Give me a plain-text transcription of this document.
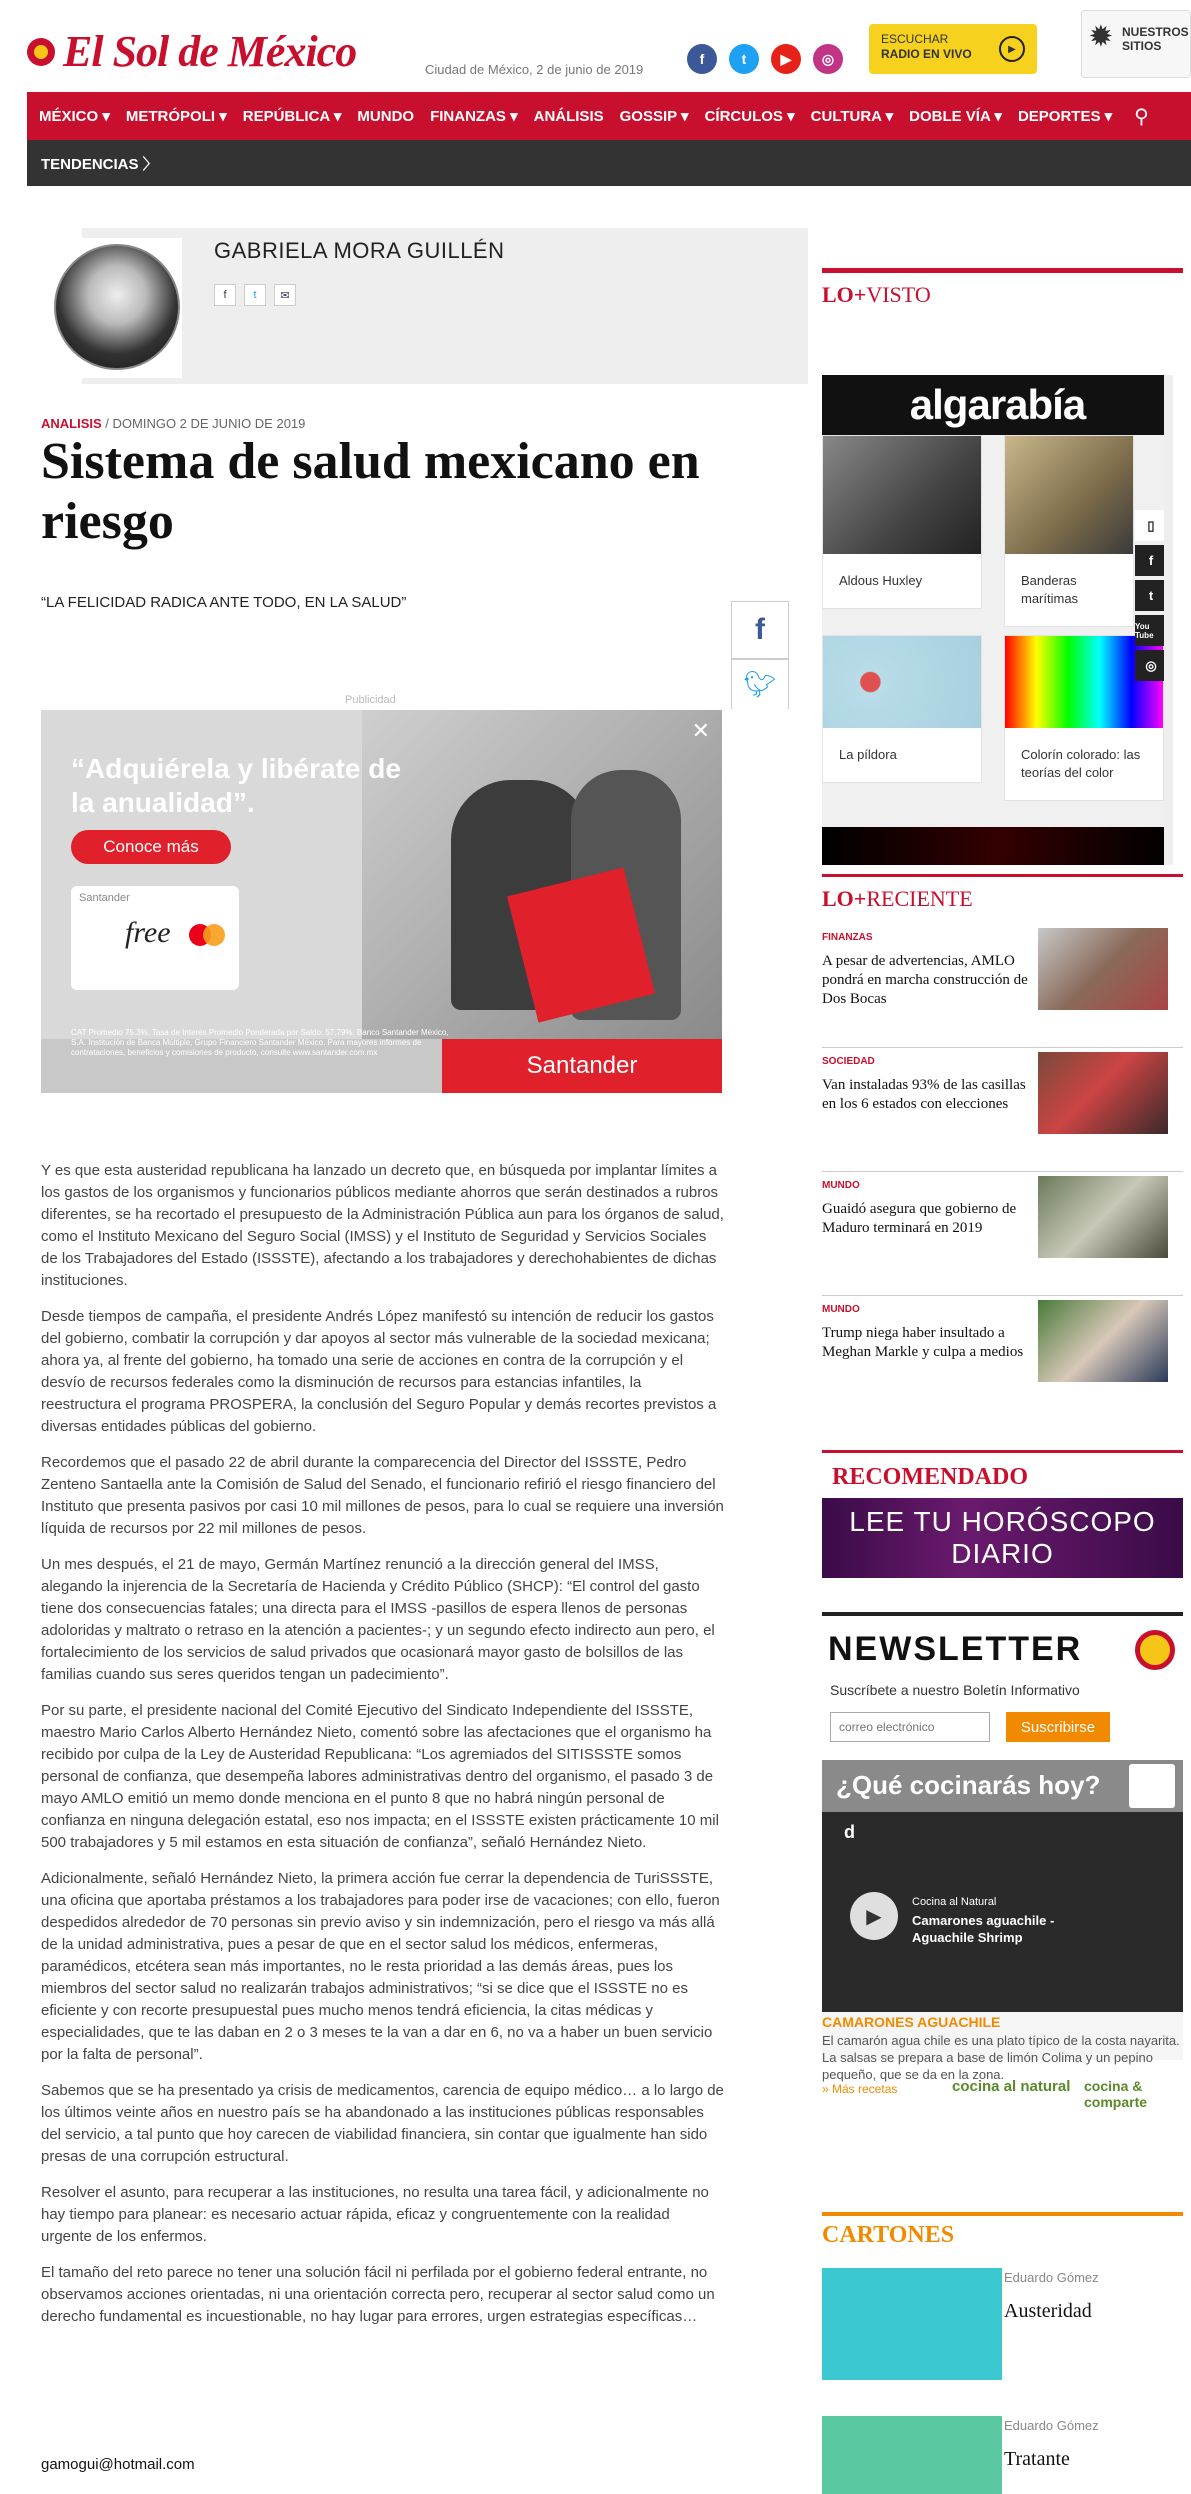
El Sol de México	Ciudad de México, 2 de junio de 2019
f	t	▶	◎
ESCUCHAR
RADIO EN VIVO	▶	✹ NUESTROS SITIOS
MÉXICO ▾	METRÓPOLI ▾	REPÚBLICA ▾	MUNDO	FINANZAS ▾	ANÁLISIS	GOSSIP ▾	CÍRCULOS ▾	CULTURA ▾	DOBLE VÍA ▾	DEPORTES ▾	⚲
TENDENCIAS 〉
GABRIELA MORA GUILLÉN
f	t	✉
ANALISIS / DOMINGO 2 DE JUNIO DE 2019
Sistema de salud mexicano en riesgo
“LA FELICIDAD RADICA ANTE TODO, EN LA SALUD”
f
🐦︎
Publicidad
✕
“Adquiérela y libérate de la anualidad”.
Conoce más
Santander
free
CAT Promedio 75.3%. Tasa de Interés Promedio Ponderada por Saldo: 57.79%. Banco Santander México, S.A. Institución de Banca Múltiple, Grupo Financiero Santander México. Para mayores informes de contrataciones, beneficios y comisiones de producto, consulte www.santander.com.mx	Santander

Y es que esta austeridad republicana ha lanzado un decreto que, en búsqueda por implantar límites a los gastos de los organismos y funcionarios públicos mediante ahorros que serán destinados a rubros diferentes, se ha recortado el presupuesto de la Administración Pública aun para los órganos de salud, como el Instituto Mexicano del Seguro Social (IMSS) y el Instituto de Seguridad y Servicios Sociales de los Trabajadores del Estado (ISSSTE), afectando a los trabajadores y derechohabientes de dichas instituciones.

Desde tiempos de campaña, el presidente Andrés López manifestó su intención de reducir los gastos del gobierno, combatir la corrupción y dar apoyos al sector más vulnerable de la sociedad mexicana; ahora ya, al frente del gobierno, ha tomado una serie de acciones en contra de la corrupción y el desvío de recursos federales como la disminución de recursos para estancias infantiles, la reestructura el programa PROSPERA, la conclusión del Seguro Popular y demás recortes previstos a diversas entidades públicas del gobierno.

Recordemos que el pasado 22 de abril durante la comparecencia del Director del ISSSTE, Pedro Zenteno Santaella ante la Comisión de Salud del Senado, el funcionario refirió el riesgo financiero del Instituto que presenta pasivos por casi 10 mil millones de pesos, para lo cual se requiere una inversión líquida de recursos por 22 mil millones de pesos.

Un mes después, el 21 de mayo, Germán Martínez renunció a la dirección general del IMSS, alegando la injerencia de la Secretaría de Hacienda y Crédito Público (SHCP): “El control del gasto tiene dos consecuencias fatales; una directa para el IMSS -pasillos de espera llenos de personas adoloridas y maltrato o retraso en la atención a pacientes-; y un segundo efecto indirecto aun pero, el fortalecimiento de los servicios de salud privados que ocasionará mayor gasto de bolsillos de las familias cuando sus seres queridos tengan un padecimiento”.

Por su parte, el presidente nacional del Comité Ejecutivo del Sindicato Independiente del ISSSTE, maestro Mario Carlos Alberto Hernández Nieto, comentó sobre las afectaciones que el organismo ha recibido por culpa de la Ley de Austeridad Republicana: “Los agremiados del SITISSSTE somos personal de confianza, que desempeña labores administrativas dentro del organismo, el pasado 3 de mayo AMLO emitió un memo donde menciona en el punto 8 que no habrá ningún personal de confianza en ninguna delegación estatal, eso nos impacta; en el ISSSTE existen prácticamente 10 mil 500 trabajadores y 5 mil estamos en esta situación de confianza”, señaló Hernández Nieto.

Adicionalmente, señaló Hernández Nieto, la primera acción fue cerrar la dependencia de TuriSSSTE, una oficina que aportaba préstamos a los trabajadores para poder irse de vacaciones; con ello, fueron despedidos alrededor de 70 personas sin previo aviso y sin indemnización, pero el riesgo va más allá de la unidad administrativa, pues a pesar de que en el sector salud los médicos, enfermeras, paramédicos, etcétera sean más importantes, no le resta prioridad a las demás áreas, pues los miembros del sector salud no realizarán trabajos administrativos; “si se dice que el ISSSTE no es eficiente y con recorte presupuestal pues mucho menos tendrá eficiencia, la citas médicas y especialidades, que te las daban en 2 o 3 meses te la van a dar en 6, no va a haber un buen servicio por la falta de personal”.

Sabemos que se ha presentado ya crisis de medicamentos, carencia de equipo médico… a lo largo de los últimos veinte años en nuestro país se ha abandonado a las instituciones públicas responsables del servicio, a tal punto que hoy carecen de viabilidad financiera, sin contar que igualmente han sido presas de una corrupción estructural.

Resolver el asunto, para recuperar a las instituciones, no resulta una tarea fácil, y adicionalmente no hay tiempo para planear: es necesario actuar rápida, eficaz y congruentemente con la realidad urgente de los enfermos.

El tamaño del reto parece no tener una solución fácil ni perfilada por el gobierno federal entrante, no observamos acciones orientadas, ni una orientación correcta pero, recuperar al sector salud como un derecho fundamental es incuestionable, no hay lugar para errores, urgen estrategias específicas…

gamogui@hotmail.com
LO+VISTO
algarabía
Aldous Huxley	Banderas marítimas
La píldora	Colorín colorado: las teorías del color
▯
f
t
You Tube
◎
LO+RECIENTE
FINANZAS
A pesar de advertencias, AMLO pondrá en marcha construcción de Dos Bocas
SOCIEDAD
Van instaladas 93% de las casillas en los 6 estados con elecciones
MUNDO
Guaidó asegura que gobierno de Maduro terminará en 2019
MUNDO
Trump niega haber insultado a Meghan Markle y culpa a medios
RECOMENDADO
LEE TU HORÓSCOPO
DIARIO
NEWSLETTER
Suscríbete a nuestro Boletín Informativo
correo electrónico
Suscribirse
¿Qué cocinarás hoy?
d
▶
Cocina al Natural
Camarones aguachile - Aguachile Shrimp
CAMARONES AGUACHILE
El camarón agua chile es una plato típico de la costa nayarita. La salsas se prepara a base de limón Colima y un pepino pequeño, que se da en la zona.
» Más recetas	cocina al natural cocina & comparte
CARTONES
Eduardo Gómez
Austeridad
Eduardo Gómez
Tratante
